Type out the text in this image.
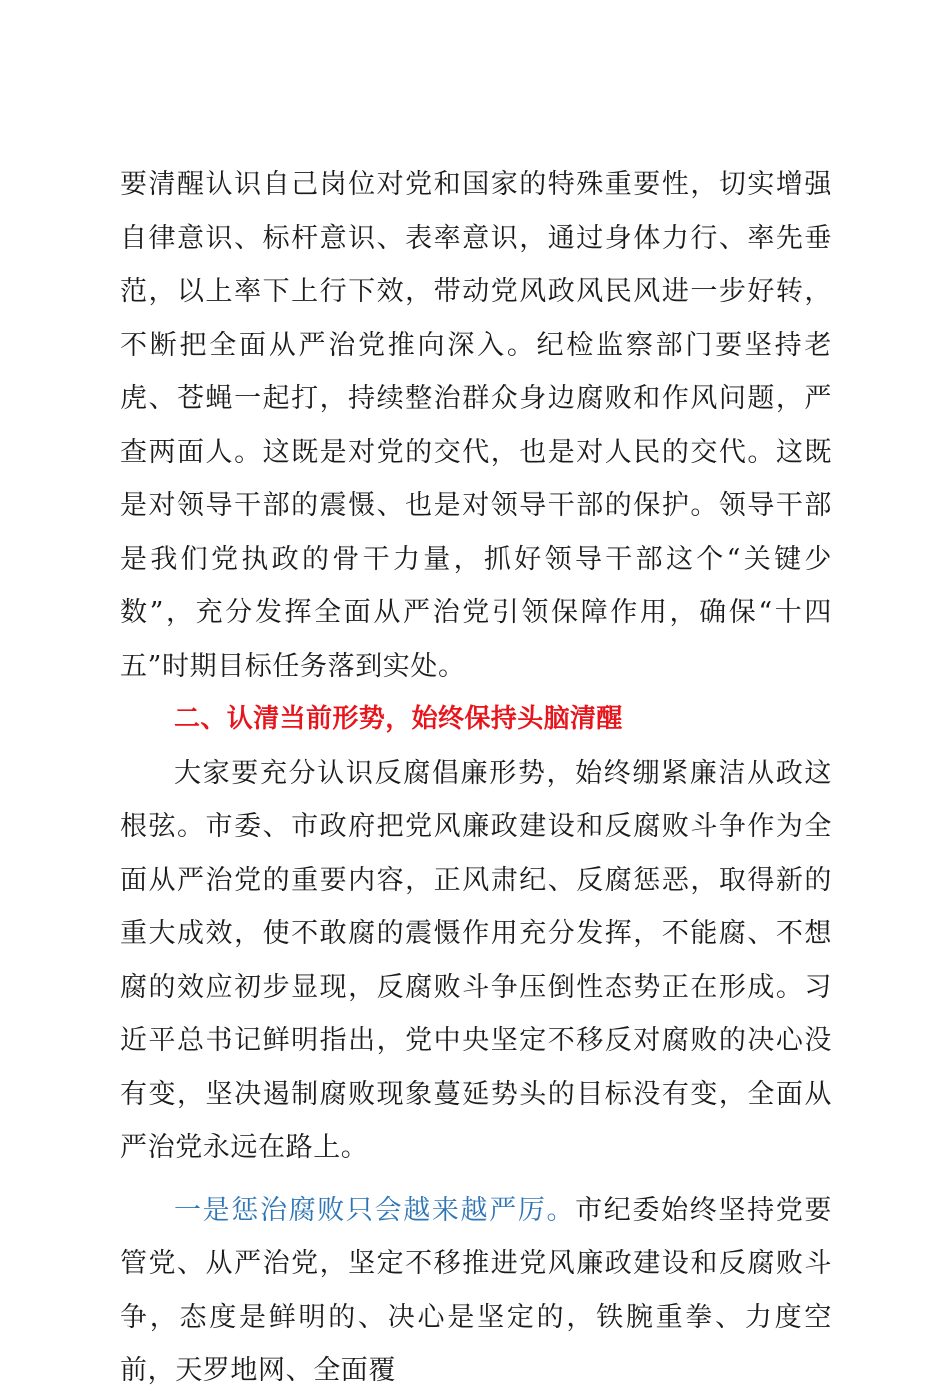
要清醒认识自己岗位对党和国家的特殊重要性，切实增强自律意识、标杆意识、表率意识，通过身体力行、率先垂范，以上率下上行下效，带动党风政风民风进一步好转，不断把全面从严治党推向深入。纪检监察部门要坚持老虎、苍蝇一起打，持续整治群众身边腐败和作风问题，严查两面人。这既是对党的交代，也是对人民的交代。这既是对领导干部的震慑、也是对领导干部的保护。领导干部是我们党执政的骨干力量，抓好领导干部这个“关键少数”，充分发挥全面从严治党引领保障作用，确保“十四五”时期目标任务落到实处。

二、认清当前形势，始终保持头脑清醒

大家要充分认识反腐倡廉形势，始终绷紧廉洁从政这根弦。市委、市政府把党风廉政建设和反腐败斗争作为全面从严治党的重要内容，正风肃纪、反腐惩恶，取得新的重大成效，使不敢腐的震慑作用充分发挥，不能腐、不想腐的效应初步显现，反腐败斗争压倒性态势正在形成。习近平总书记鲜明指出，党中央坚定不移反对腐败的决心没有变，坚决遏制腐败现象蔓延势头的目标没有变，全面从严治党永远在路上。

一是惩治腐败只会越来越严厉。市纪委始终坚持党要管党、从严治党，坚定不移推进党风廉政建设和反腐败斗争，态度是鲜明的、决心是坚定的，铁腕重拳、力度空前，天罗地网、全面覆
